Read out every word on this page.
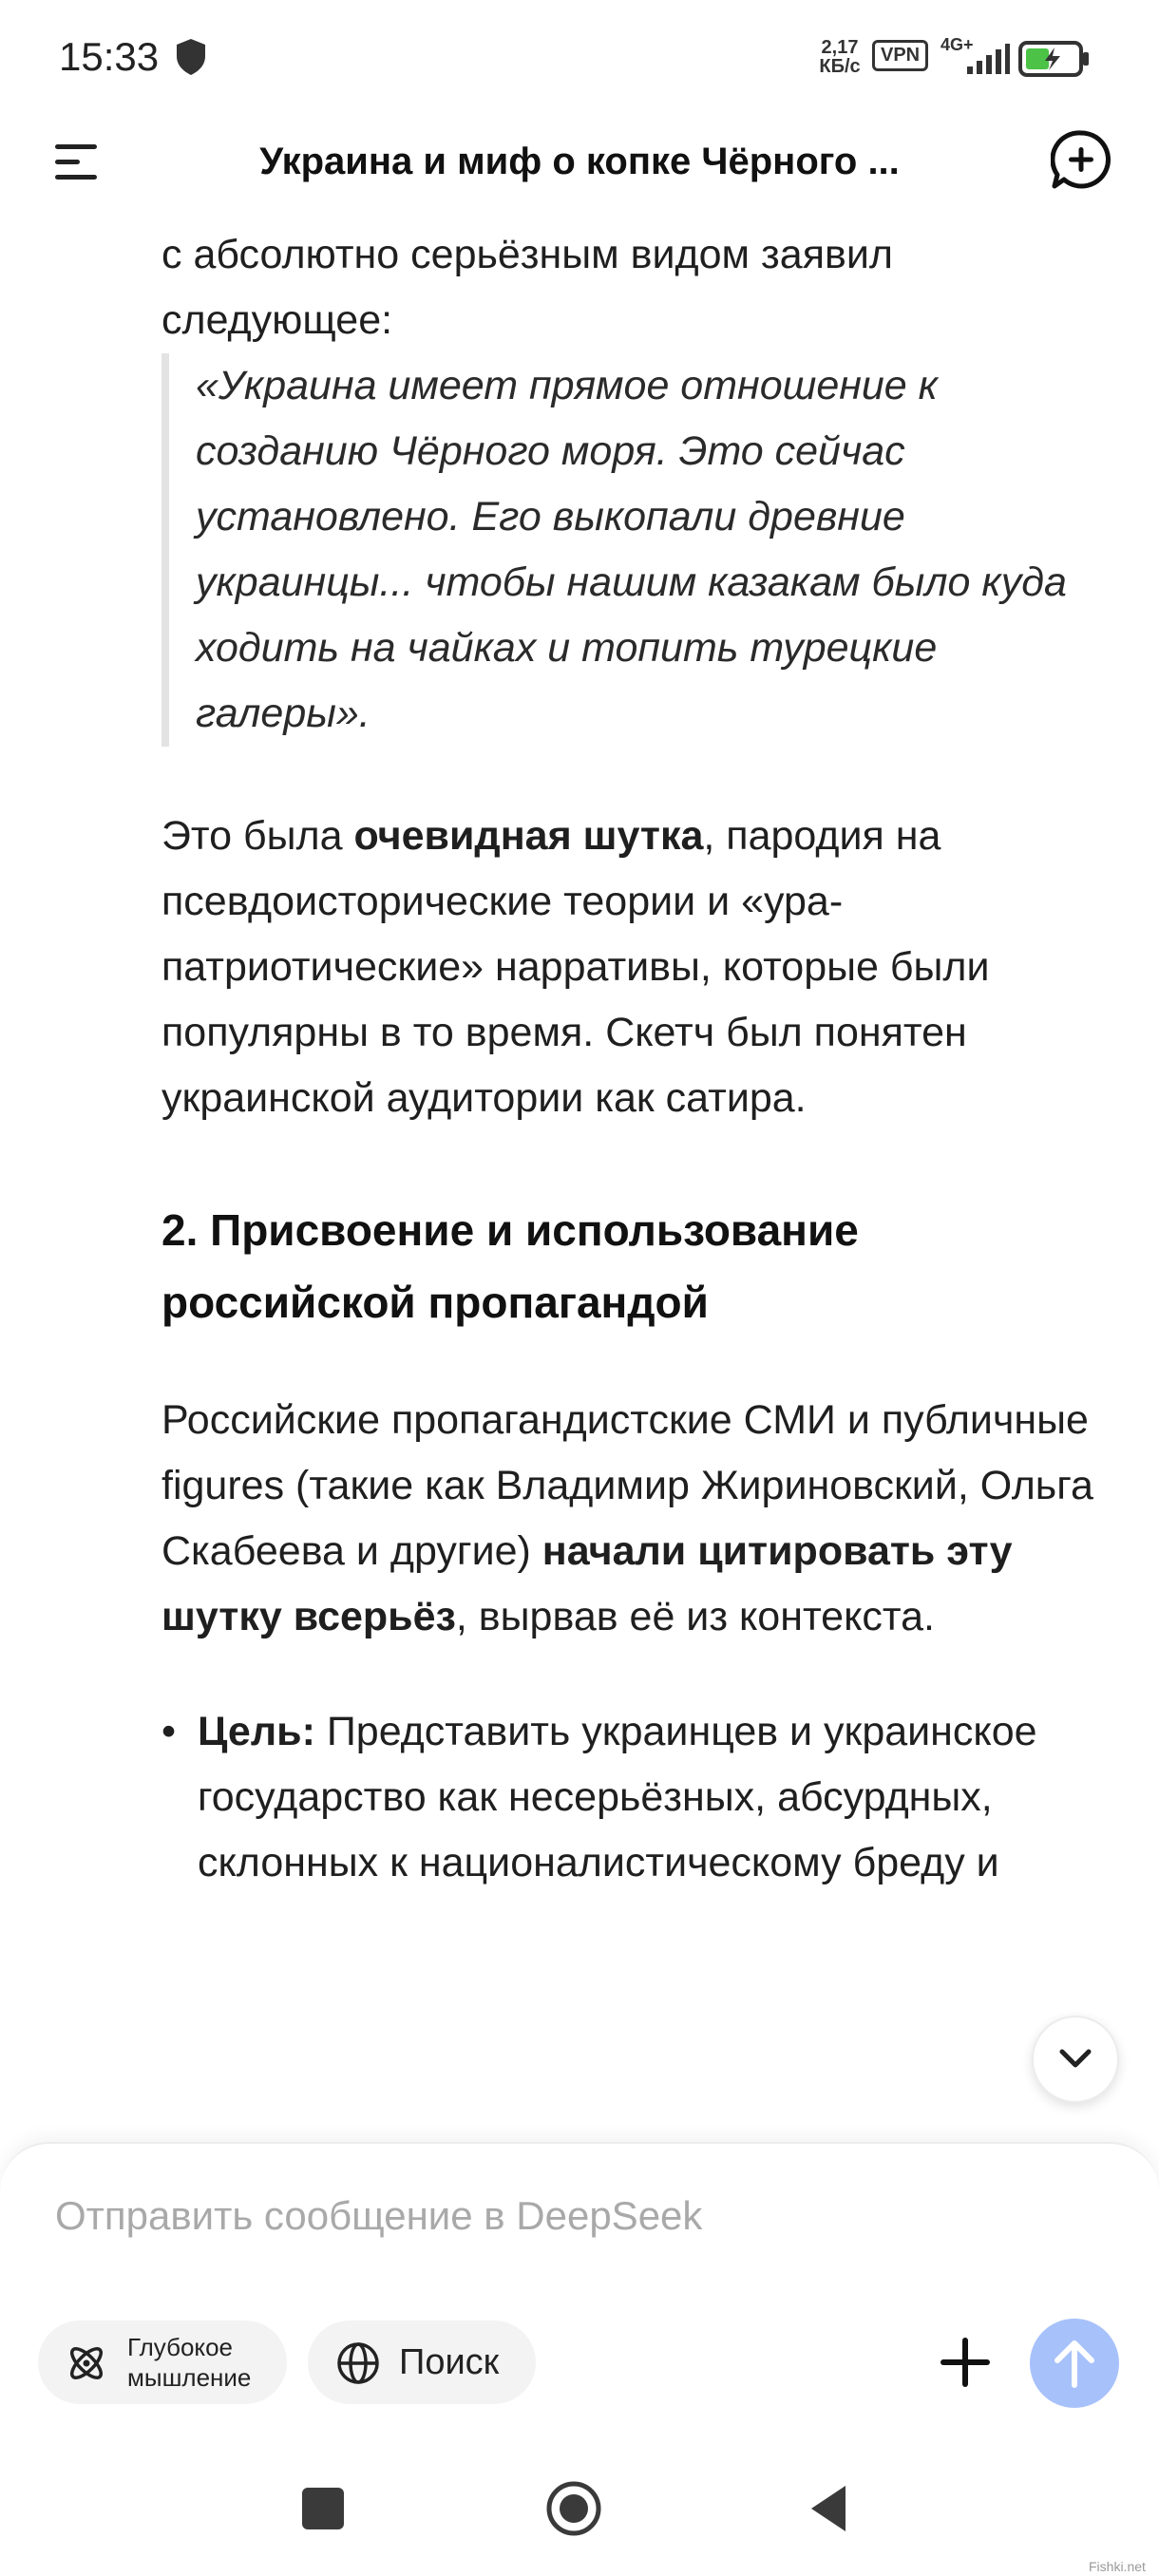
15:33	2,17
КБ/с
VPN	4G+
Украина и миф о копке Чёрного ...

с абсолютно серьёзным видом заявил следующее:

«Украина имеет прямое отношение к созданию Чёрного моря. Это сейчас установлено. Его выкопали древние украинцы... чтобы нашим казакам было куда ходить на чайках и топить турецкие галеры».

Это была очевидная шутка, пародия на псевдоисторические теории и «ура-патриотические» нарративы, которые были популярны в то время. Скетч был понятен украинской аудитории как сатира.

2. Присвоение и использование российской пропагандой

Российские пропагандистские СМИ и публичные figures (такие как Владимир Жириновский, Ольга Скабеева и другие) начали цитировать эту шутку всерьёз, вырвав её из контекста.

• Цель: Представить украинцев и украинское государство как несерьёзных, абсурдных, склонных к националистическому бреду и
Отправить сообщение в DeepSeek
Глубокое мышление	Поиск
Fishki.net
